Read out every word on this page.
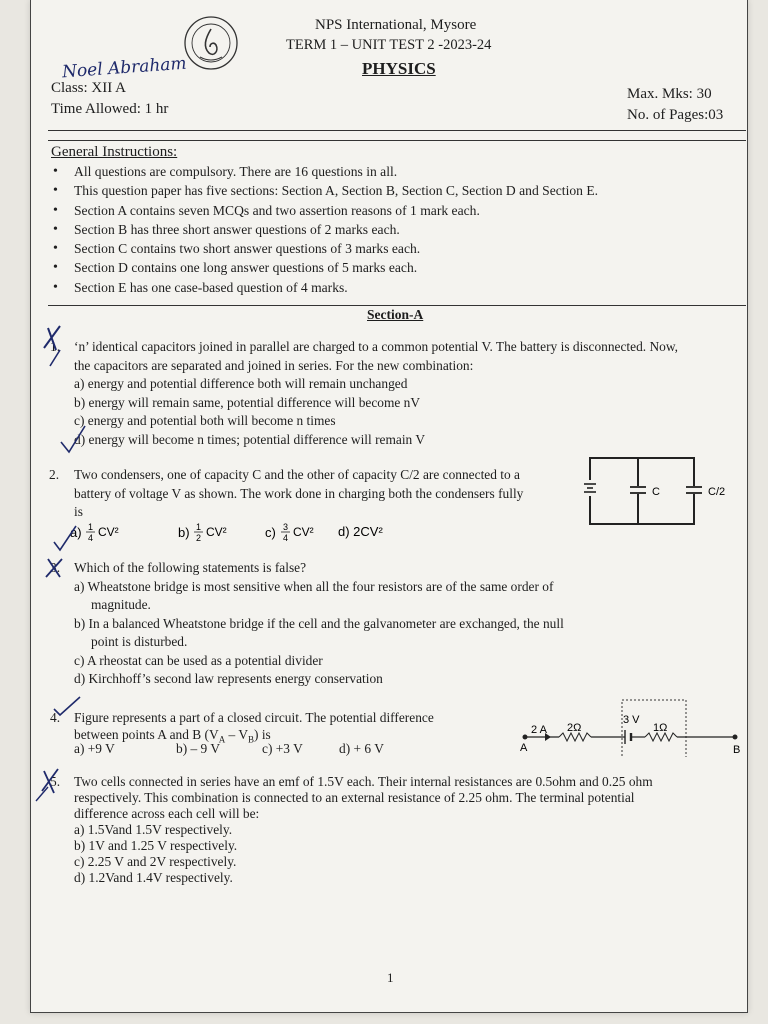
NPS International, Mysore
TERM 1 – UNIT TEST 2 -2023-24
PHYSICS
Noel Abraham
Class: XII A
Time Allowed: 1 hr
Max. Mks: 30
No. of Pages:03
General Instructions:
• All questions are compulsory. There are 16 questions in all.
• This question paper has five sections: Section A, Section B, Section C, Section D and Section E.
• Section A contains seven MCQs and two assertion reasons of 1 mark each.
• Section B has three short answer questions of 2 marks each.
• Section C contains two short answer questions of 3 marks each.
• Section D contains one long answer questions of 5 marks each.
• Section E has one case-based question of 4 marks.
Section-A
1. ‘n’ identical capacitors joined in parallel are charged to a common potential V. The battery is disconnected. Now,
the capacitors are separated and joined in series. For the new combination:
a) energy and potential difference both will remain unchanged
b) energy will remain same, potential difference will become nV
c) energy and potential both will become n times
d) energy will become n times; potential difference will remain V
2. Two condensers, one of capacity C and the other of capacity C/2 are connected to a
battery of voltage V as shown. The work done in charging both the condensers fully
is
a) 1
4 CV²	b) 1
2 CV²	c) 3
4 CV² d) 2CV²
C	C/2
3. Which of the following statements is false?
a) Wheatstone bridge is most sensitive when all the four resistors are of the same order of
magnitude.
b) In a balanced Wheatstone bridge if the cell and the galvanometer are exchanged, the null
point is disturbed.
c) A rheostat can be used as a potential divider
d) Kirchhoff’s second law represents energy conservation
4. Figure represents a part of a closed circuit. The potential difference
between points A and B $(V_A - V_B)$ is
a) +9 V	b) – 9 V	c) +3 V	d) + 6 V
2 A 2Ω
3 V
1Ω
A	B
5. Two cells connected in series have an emf of 1.5V each. Their internal resistances are 0.5ohm and 0.25 ohm
respectively. This combination is connected to an external resistance of 2.25 ohm. The terminal potential
difference across each cell will be:
a) 1.5Vand 1.5V respectively.
b) 1V and 1.25 V respectively.
c) 2.25 V and 2V respectively.
d) 1.2Vand 1.4V respectively.
1
